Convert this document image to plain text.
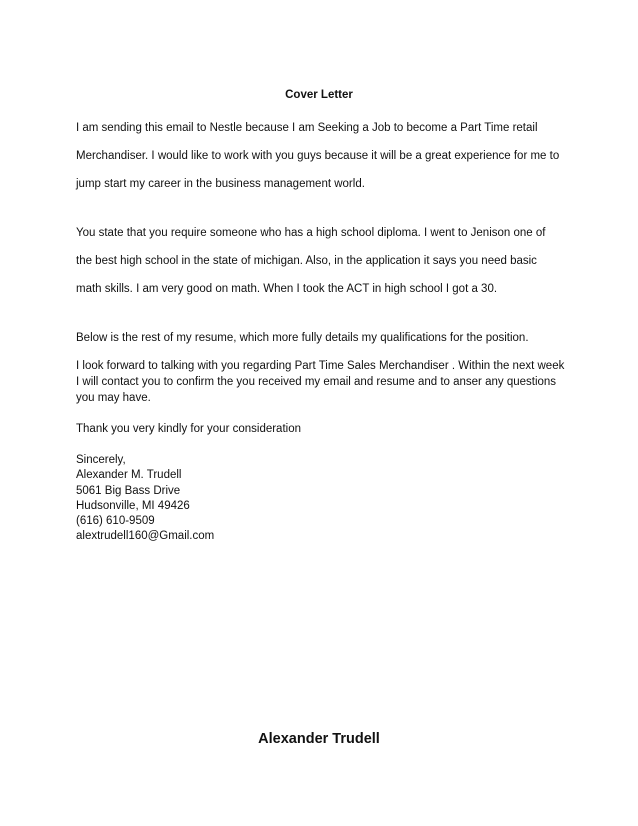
Cover Letter
I am sending this email to Nestle because I am Seeking a Job to become a Part Time retail
Merchandiser. I would like to work with you guys because it will be a great experience for me to
jump start my career in the business management world.
You state that you require someone who has a high school diploma. I went to Jenison one of
the best high school in the state of michigan. Also, in the application it says you need basic
math skills. I am very good on math. When I took the ACT in high school I got a 30.
Below is the rest of my resume, which more fully details my qualifications for the position.
I look forward to talking with you regarding Part Time Sales Merchandiser . Within the next week
I will contact you to confirm the you received my email and resume and to anser any questions
you may have.
Thank you very kindly for your consideration
Sincerely,
Alexander M. Trudell
5061 Big Bass Drive
Hudsonville, MI 49426
(616) 610-9509
alextrudell160@Gmail.com
Alexander Trudell
